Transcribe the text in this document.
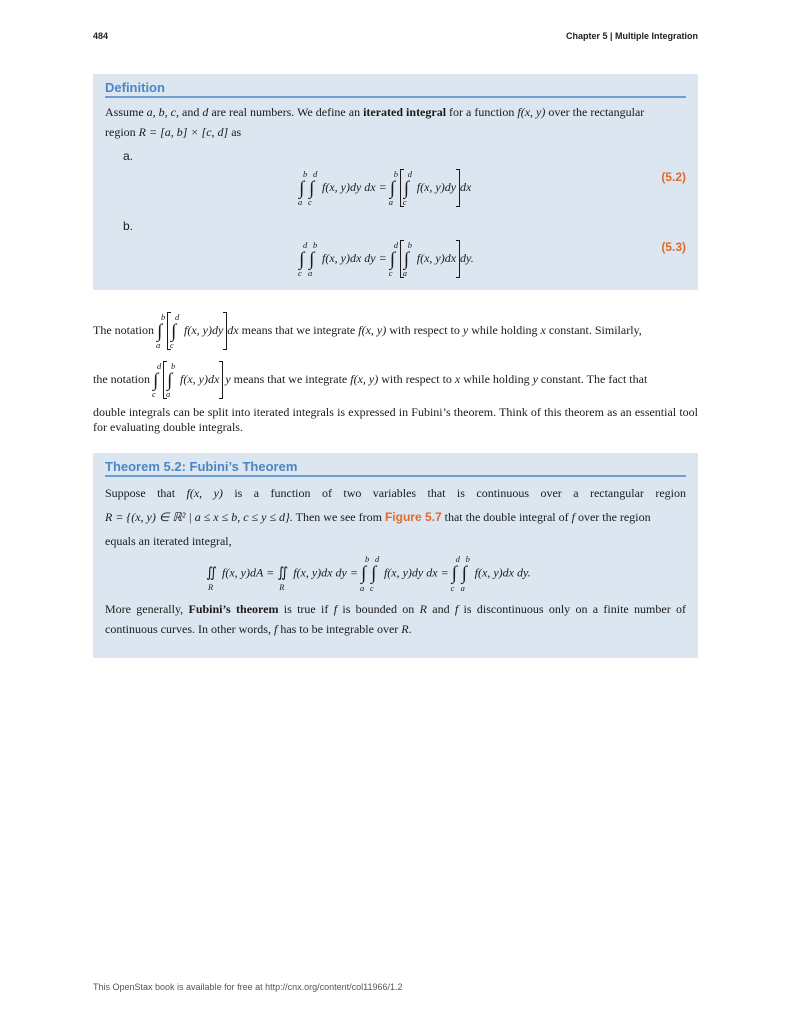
484	Chapter 5 | Multiple Integration
Definition
Assume a, b, c, and d are real numbers. We define an iterated integral for a function f(x, y) over the rectangular
region R = [a, b] × [c, d] as
a.
(5.2)
∫
b
a
∫
d
c
f(x, y)dy dx = ∫
b
a
∫
d
c
f(x, y)dy dx
b.
(5.3)
∫
d
c
∫
b
a
f(x, y)dx dy = ∫
d
c
∫
b
a
f(x, y)dx dy.
The notation ∫
b
a
∫
d
c
f(x, y)dy dx means that we integrate f(x, y) with respect to y while holding x constant. Similarly,
the notation ∫
d
c
∫
b
a
f(x, y)dx y means that we integrate f(x, y) with respect to x while holding y constant. The fact that
double integrals can be split into iterated integrals is expressed in Fubini’s theorem. Think of this theorem as an essential tool for evaluating double integrals.
Theorem 5.2: Fubini’s Theorem
Suppose that f(x, y) is a function of two variables that is continuous over a rectangular region
R = {(x, y) ∈ ℝ² | a ≤ x ≤ b, c ≤ y ≤ d}. Then we see from Figure 5.7 that the double integral of f over the region
equals an iterated integral,
∬
R
f(x, y)dA = ∬
R
f(x, y)dx dy = ∫
b
a
∫
d
c
f(x, y)dy dx = ∫
d
c
∫
b
a
f(x, y)dx dy.
More generally, Fubini’s theorem is true if f is bounded on R and f is discontinuous only on a finite number of
continuous curves. In other words, f has to be integrable over R.
This OpenStax book is available for free at http://cnx.org/content/col11966/1.2
